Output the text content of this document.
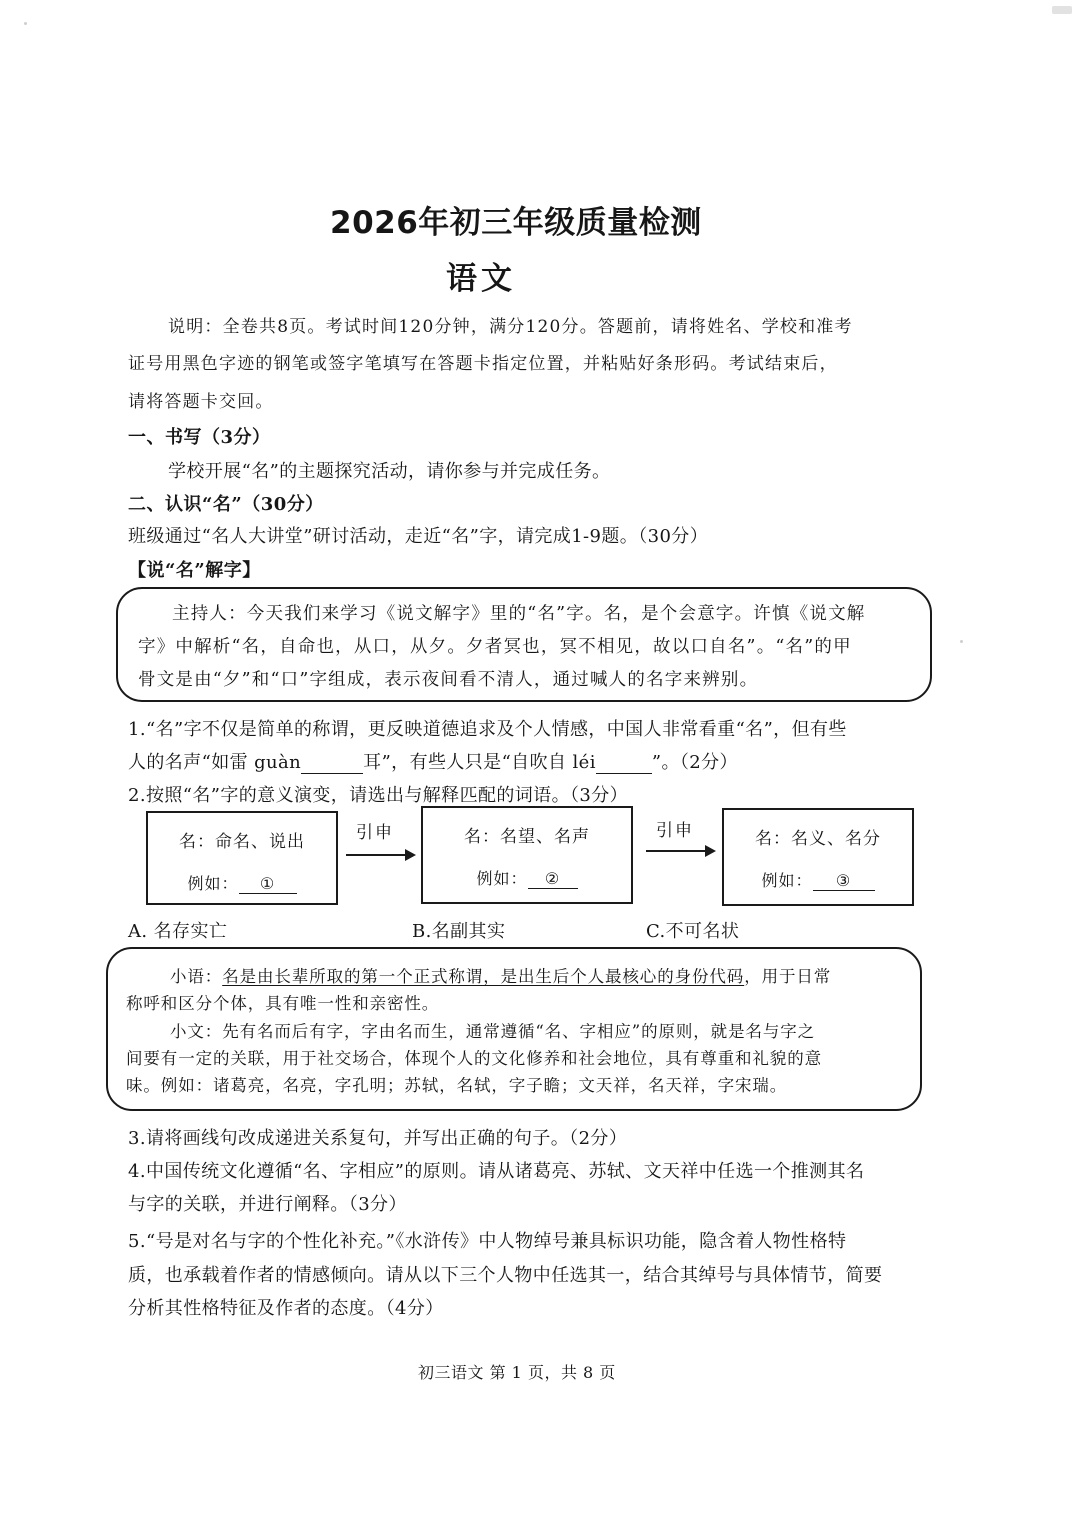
2026年初三年级质量检测
语文
说明：全卷共8页。考试时间120分钟，满分120分。答题前，请将姓名、学校和准考
证号用黑色字迹的钢笔或签字笔填写在答题卡指定位置，并粘贴好条形码。考试结束后，
请将答题卡交回。
一、书写（3分）
学校开展“名”的主题探究活动，请你参与并完成任务。
二、认识“名”（30分）
班级通过“名人大讲堂”研讨活动，走近“名”字，请完成1-9题。（30分）
【说“名”解字】
主持人：今天我们来学习《说文解字》里的“名”字。名，是个会意字。许慎《说文解
字》中解析“名，自命也，从口，从夕。夕者冥也，冥不相见，故以口自名”。“名”的甲
骨文是由“夕”和“口”字组成，表示夜间看不清人，通过喊人的名字来辨别。
1.“名”字不仅是简单的称谓，更反映道德追求及个人情感，中国人非常看重“名”，但有些
人的名声“如雷 guàn	耳”，有些人只是“自吹自 léi	”。（2分）
2.按照“名”字的意义演变，请选出与解释匹配的词语。（3分）
名：命名、说出
例如： ①
引申	名：名望、名声
例如： ②
引申	名：名义、名分
例如： ③
A. 名存实亡	B.名副其实	C.不可名状
小语：名是由长辈所取的第一个正式称谓，是出生后个人最核心的身份代码，用于日常
称呼和区分个体，具有唯一性和亲密性。
小文：先有名而后有字，字由名而生，通常遵循“名、字相应”的原则，就是名与字之
间要有一定的关联，用于社交场合，体现个人的文化修养和社会地位，具有尊重和礼貌的意
味。例如：诸葛亮，名亮，字孔明；苏轼，名轼，字子瞻；文天祥，名天祥，字宋瑞。
3.请将画线句改成递进关系复句，并写出正确的句子。（2分）
4.中国传统文化遵循“名、字相应”的原则。请从诸葛亮、苏轼、文天祥中任选一个推测其名
与字的关联，并进行阐释。（3分）
5.“号是对名与字的个性化补充。”《水浒传》中人物绰号兼具标识功能，隐含着人物性格特
质，也承载着作者的情感倾向。请从以下三个人物中任选其一，结合其绰号与具体情节，简要
分析其性格特征及作者的态度。（4分）
初三语文 第 1 页，共 8 页
